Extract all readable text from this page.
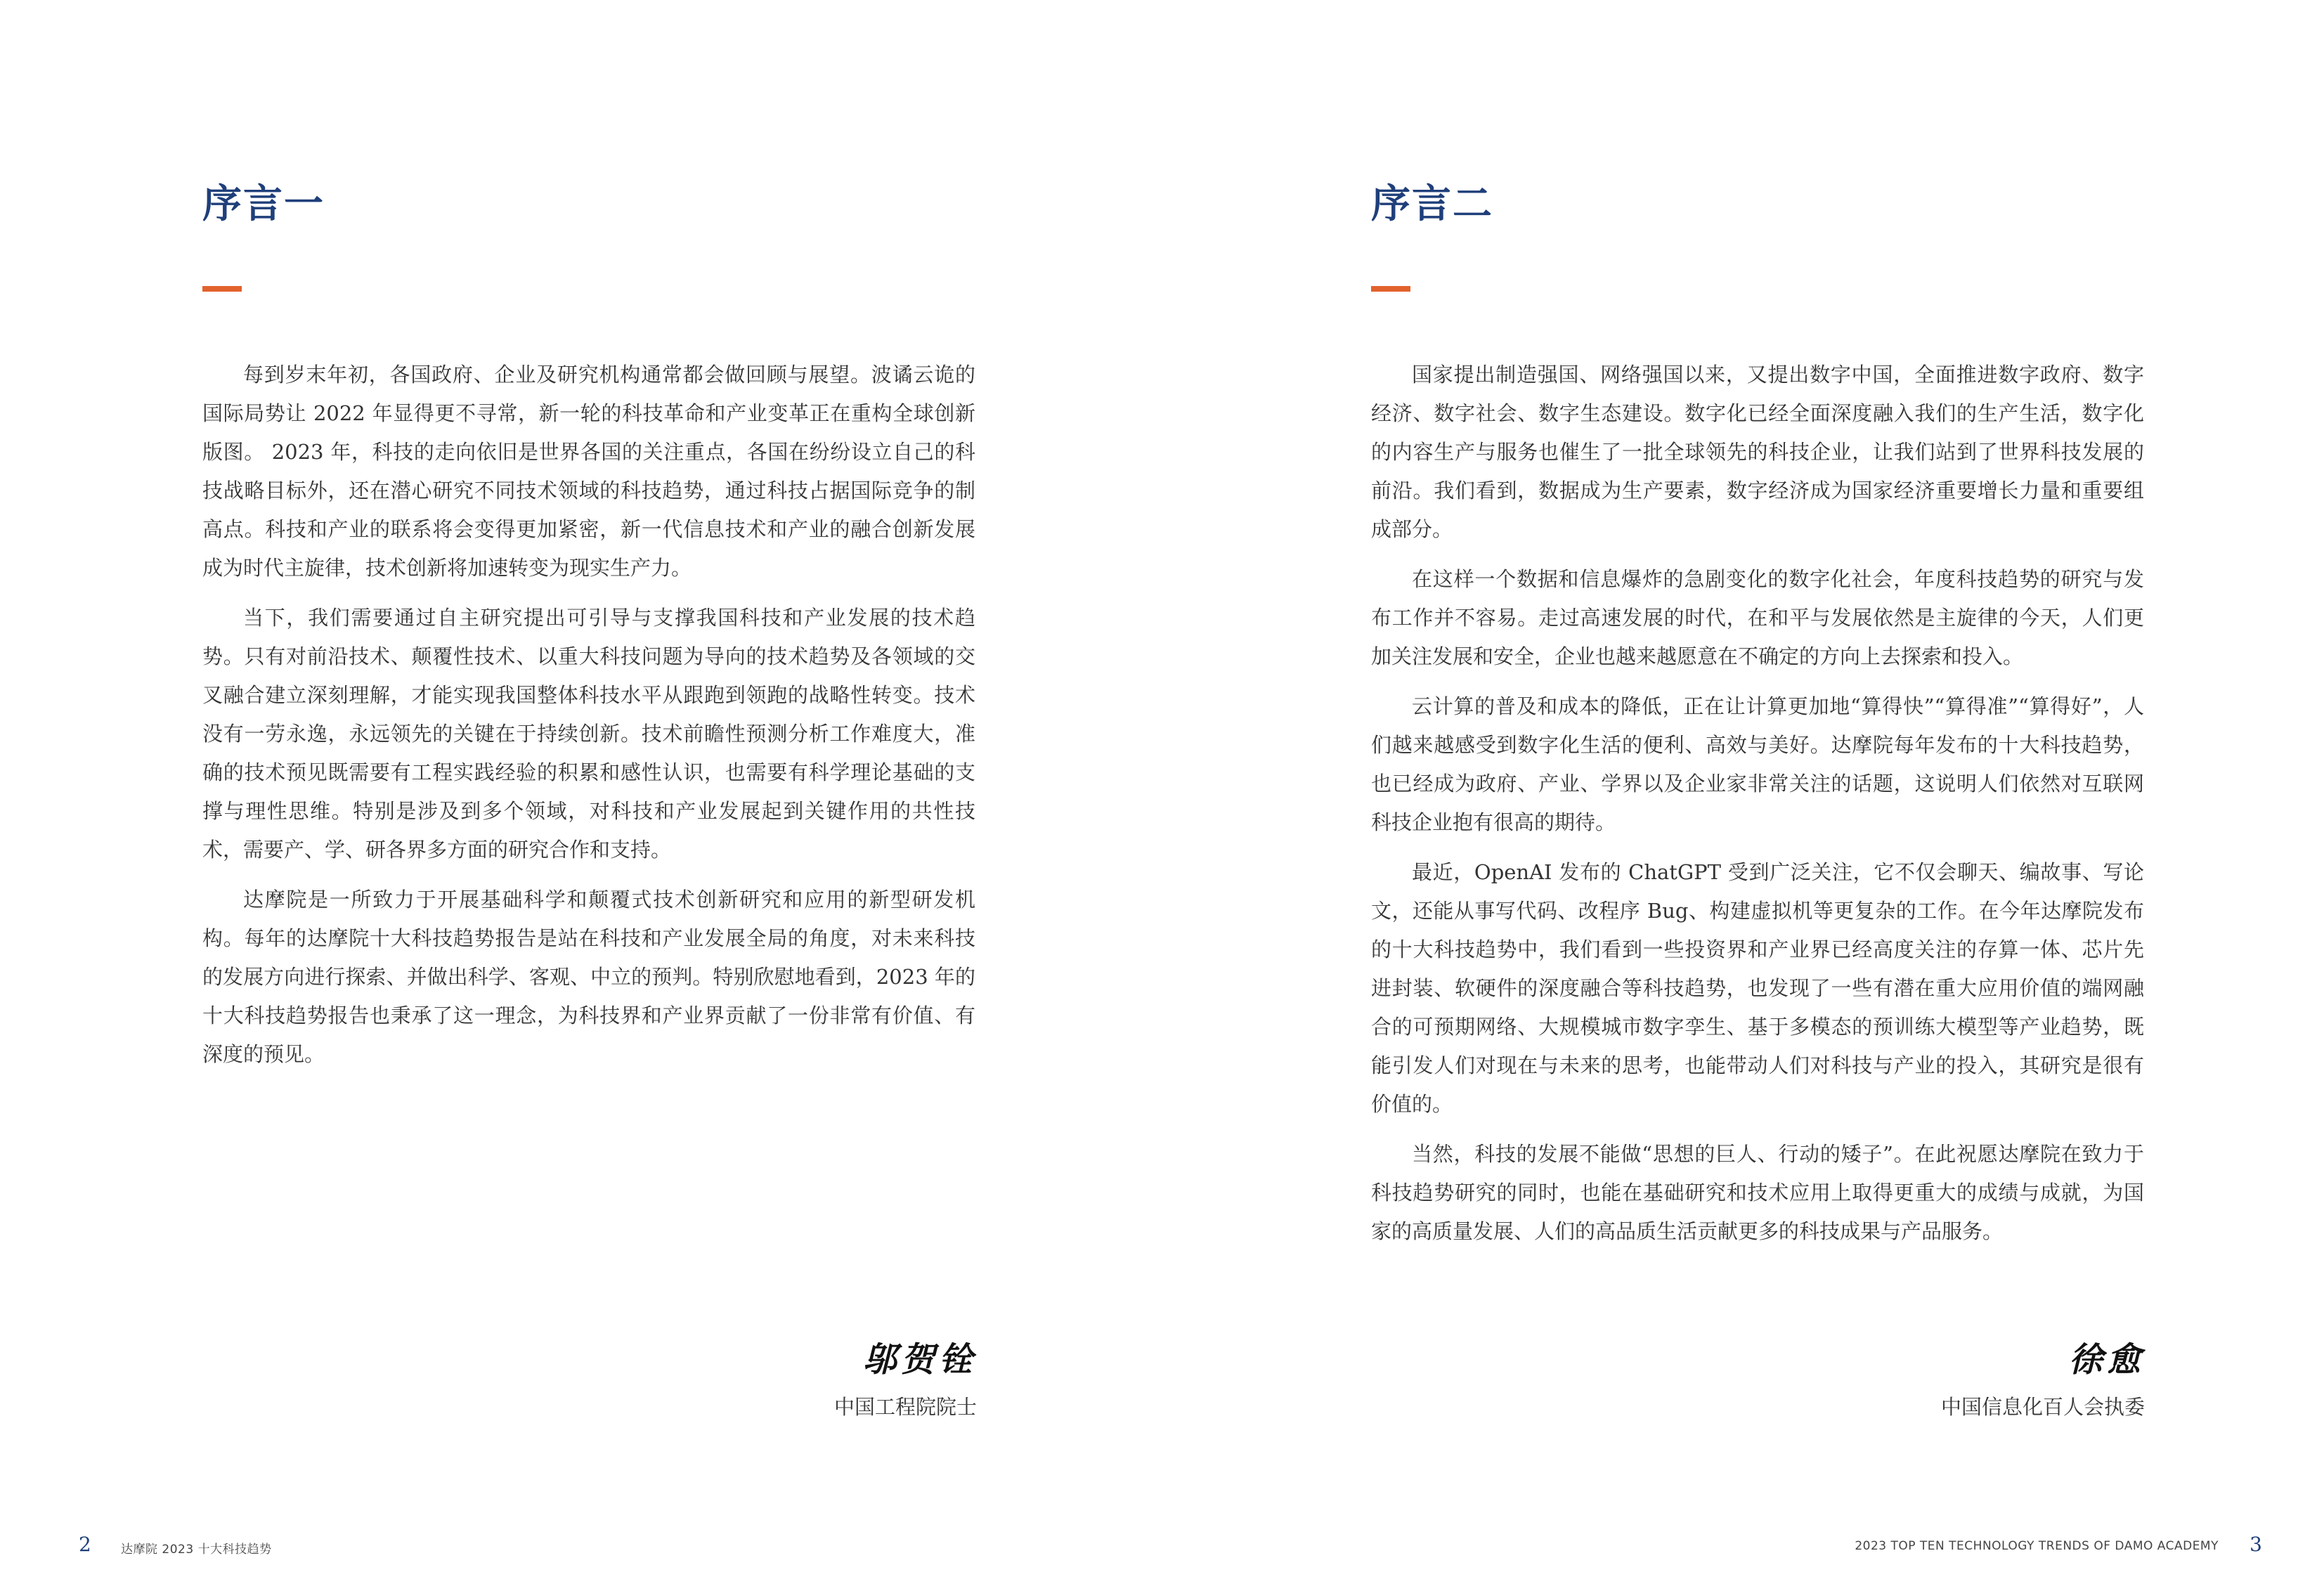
序言一

每到岁末年初，各国政府、企业及研究机构通常都会做回顾与展望。波谲云诡的国际局势让 2022 年显得更不寻常，新一轮的科技革命和产业变革正在重构全球创新版图。 2023 年，科技的走向依旧是世界各国的关注重点，各国在纷纷设立自己的科技战略目标外，还在潜心研究不同技术领域的科技趋势，通过科技占据国际竞争的制高点。科技和产业的联系将会变得更加紧密，新一代信息技术和产业的融合创新发展成为时代主旋律，技术创新将加速转变为现实生产力。

当下，我们需要通过自主研究提出可引导与支撑我国科技和产业发展的技术趋势。只有对前沿技术、颠覆性技术、以重大科技问题为导向的技术趋势及各领域的交叉融合建立深刻理解，才能实现我国整体科技水平从跟跑到领跑的战略性转变。技术没有一劳永逸，永远领先的关键在于持续创新。技术前瞻性预测分析工作难度大，准确的技术预见既需要有工程实践经验的积累和感性认识，也需要有科学理论基础的支撑与理性思维。特别是涉及到多个领域，对科技和产业发展起到关键作用的共性技术，需要产、学、研各界多方面的研究合作和支持。

达摩院是一所致力于开展基础科学和颠覆式技术创新研究和应用的新型研发机构。每年的达摩院十大科技趋势报告是站在科技和产业发展全局的角度，对未来科技的发展方向进行探索、并做出科学、客观、中立的预判。特别欣慰地看到，2023 年的十大科技趋势报告也秉承了这一理念，为科技界和产业界贡献了一份非常有价值、有深度的预见。

邬贺铨
中国工程院院士
2 达摩院 2023 十大科技趋势
序言二

国家提出制造强国、网络强国以来，又提出数字中国，全面推进数字政府、数字经济、数字社会、数字生态建设。数字化已经全面深度融入我们的生产生活，数字化的内容生产与服务也催生了一批全球领先的科技企业，让我们站到了世界科技发展的前沿。我们看到，数据成为生产要素，数字经济成为国家经济重要增长力量和重要组成部分。

在这样一个数据和信息爆炸的急剧变化的数字化社会，年度科技趋势的研究与发布工作并不容易。走过高速发展的时代，在和平与发展依然是主旋律的今天，人们更加关注发展和安全，企业也越来越愿意在不确定的方向上去探索和投入。

云计算的普及和成本的降低，正在让计算更加地“算得快”“算得准”“算得好”，人们越来越感受到数字化生活的便利、高效与美好。达摩院每年发布的十大科技趋势，也已经成为政府、产业、学界以及企业家非常关注的话题，这说明人们依然对互联网科技企业抱有很高的期待。

最近，OpenAI 发布的 ChatGPT 受到广泛关注，它不仅会聊天、编故事、写论文，还能从事写代码、改程序 Bug、构建虚拟机等更复杂的工作。在今年达摩院发布的十大科技趋势中，我们看到一些投资界和产业界已经高度关注的存算一体、芯片先进封装、软硬件的深度融合等科技趋势，也发现了一些有潜在重大应用价值的端网融合的可预期网络、大规模城市数字孪生、基于多模态的预训练大模型等产业趋势，既能引发人们对现在与未来的思考，也能带动人们对科技与产业的投入，其研究是很有价值的。

当然，科技的发展不能做“思想的巨人、行动的矮子”。在此祝愿达摩院在致力于科技趋势研究的同时，也能在基础研究和技术应用上取得更重大的成绩与成就，为国家的高质量发展、人们的高品质生活贡献更多的科技成果与产品服务。

徐愈
中国信息化百人会执委
2023 TOP TEN TECHNOLOGY TRENDS OF DAMO ACADEMY 3
